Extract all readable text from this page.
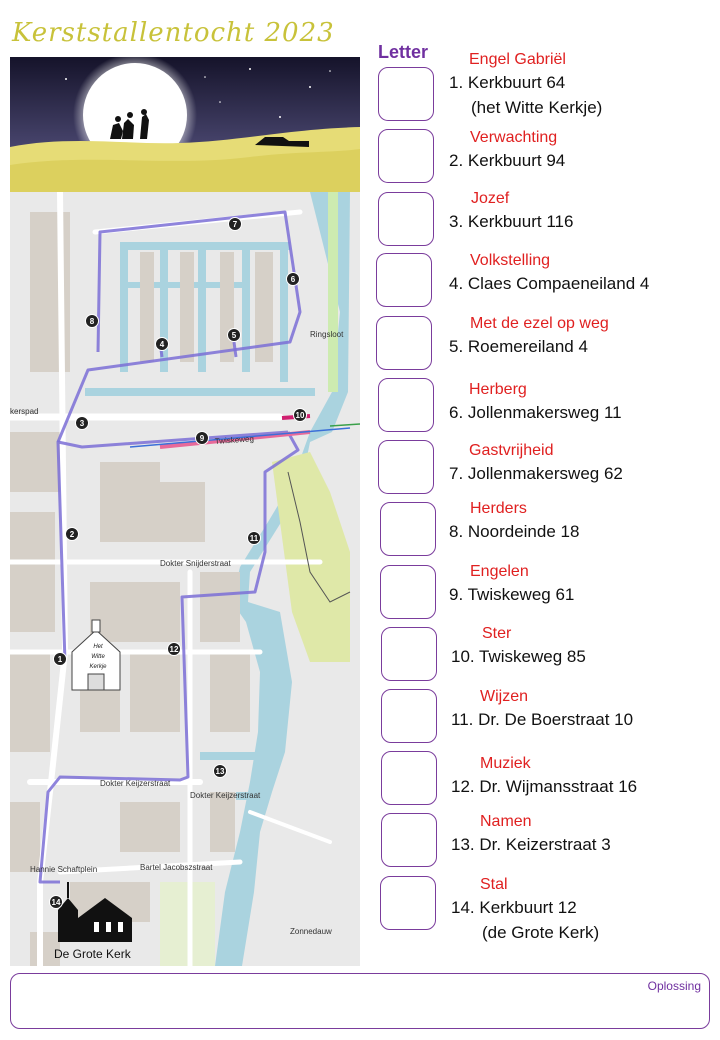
Kerststallentocht 2023
kerspad
Twiskeweg
Ringsloot
Dokter Snijderstraat
Dokter Keijzerstraat
Dokter Keijzerstraat
Hannie Schaftplein	Bartel Jacobszstraat
Zonnedauw
Het
Witte
Kerkje
De Grote Kerk
1
2
3
4
5
6
7
8
9
10
11
12
13
14
Letter	Engel Gabriël
1. Kerkbuurt 64
(het Witte Kerkje)
Verwachting
2. Kerkbuurt 94
Jozef
3. Kerkbuurt 116
Volkstelling
4. Claes Compaeneiland 4
Met de ezel op weg
5. Roemereiland 4
Herberg
6. Jollenmakersweg 11
Gastvrijheid
7. Jollenmakersweg 62
Herders
8. Noordeinde 18
Engelen
9. Twiskeweg 61
Ster
10. Twiskeweg 85
Wijzen
11. Dr. De Boerstraat 10
Muziek
12. Dr. Wijmansstraat 16
Namen
13. Dr. Keizerstraat 3
Stal
14. Kerkbuurt 12
(de Grote Kerk)
Oplossing
